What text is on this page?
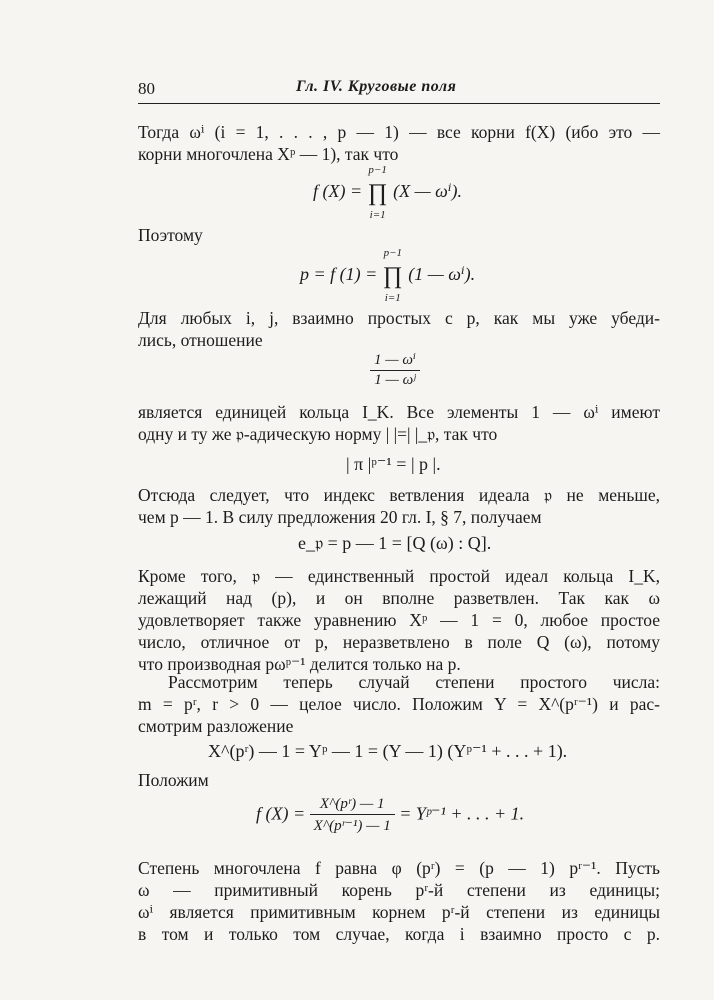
80	Гл. IV. Круговые поля

Тогда ωⁱ (i = 1, . . . , p — 1) — все корни f(X) (ибо это —

корни многочлена Xᵖ — 1), так что

f (X) =
p−1
∏
i=1
(X — ωⁱ).

Поэтому

p = f (1) =
p−1
∏
i=1
(1 — ωⁱ).

Для любых i, j, взаимно простых с p, как мы уже убеди-

лись, отношение

$\frac{\text{1 — ωⁱ}}{\text{1 — ωʲ}}$

является единицей кольца I_K. Все элементы 1 — ωⁱ имеют

одну и ту же 𝔭-адическую норму | |=| |_𝔭, так что

| π |ᵖ⁻¹ = | p |.

Отсюда следует, что индекс ветвления идеала 𝔭 не меньше,

чем p — 1. В силу предложения 20 гл. I, § 7, получаем

e_𝔭 = p — 1 = [Q (ω) : Q].

Кроме того, 𝔭 — единственный простой идеал кольца I_K,

лежащий над (p), и он вполне разветвлен. Так как ω

удовлетворяет также уравнению Xᵖ — 1 = 0, любое простое

число, отличное от p, неразветвлено в поле Q (ω), потому

что производная pωᵖ⁻¹ делится только на p.

Рассмотрим теперь случай степени простого числа:

m = pʳ, r > 0 — целое число. Положим Y = X^(pʳ⁻¹) и рас-

смотрим разложение

X^(pʳ) — 1 = Yᵖ — 1 = (Y — 1) (Yᵖ⁻¹ + . . . + 1).

Положим

f $(X) = \frac{\text{X\textasciicircum{}(pʳ) — 1}}{\text{X\textasciicircum{}(pʳ⁻¹) — 1}}$ = Yᵖ⁻¹ + . . . + 1.

Степень многочлена f равна φ (pʳ) = (p — 1) pʳ⁻¹. Пусть

ω — примитивный корень pʳ-й степени из единицы;

ωⁱ является примитивным корнем pʳ-й степени из единицы

в том и только том случае, когда i взаимно просто с p.
